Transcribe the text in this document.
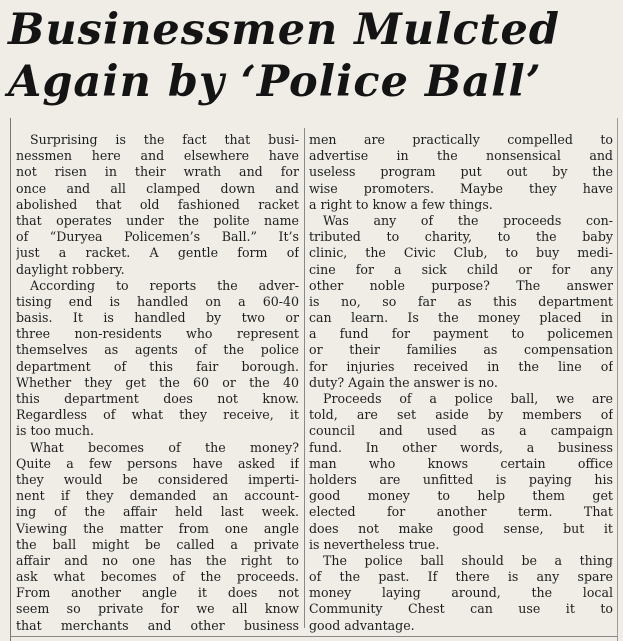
Businessmen Mulcted
Again by ‘Police Ball’
Surprising is the fact that busi-
nessmen here and elsewhere have
not risen in their wrath and for
once and all clamped down and
abolished that old fashioned racket
that operates under the polite name
of “Duryea Policemen’s Ball.” It’s
just a racket. A gentle form of
daylight robbery.
According to reports the adver-
tising end is handled on a 60-40
basis. It is handled by two or
three non-residents who represent
themselves as agents of the police
department of this fair borough.
Whether they get the 60 or the 40
this department does not know.
Regardless of what they receive, it
is too much.
What becomes of the money?
Quite a few persons have asked if
they would be considered imperti-
nent if they demanded an account-
ing of the affair held last week.
Viewing the matter from one angle
the ball might be called a private
affair and no one has the right to
ask what becomes of the proceeds.
From another angle it does not
seem so private for we all know
that merchants and other business
men are practically compelled to
advertise in the nonsensical and
useless program put out by the
wise promoters. Maybe they have
a right to know a few things.
Was any of the proceeds con-
tributed to charity, to the baby
clinic, the Civic Club, to buy medi-
cine for a sick child or for any
other noble purpose? The answer
is no, so far as this department
can learn. Is the money placed in
a fund for payment to policemen
or their families as compensation
for injuries received in the line of
duty? Again the answer is no.
Proceeds of a police ball, we are
told, are set aside by members of
council and used as a campaign
fund. In other words, a business
man who knows certain office
holders are unfitted is paying his
good money to help them get
elected for another term. That
does not make good sense, but it
is nevertheless true.
The police ball should be a thing
of the past. If there is any spare
money laying around, the local
Community Chest can use it to
good advantage.
